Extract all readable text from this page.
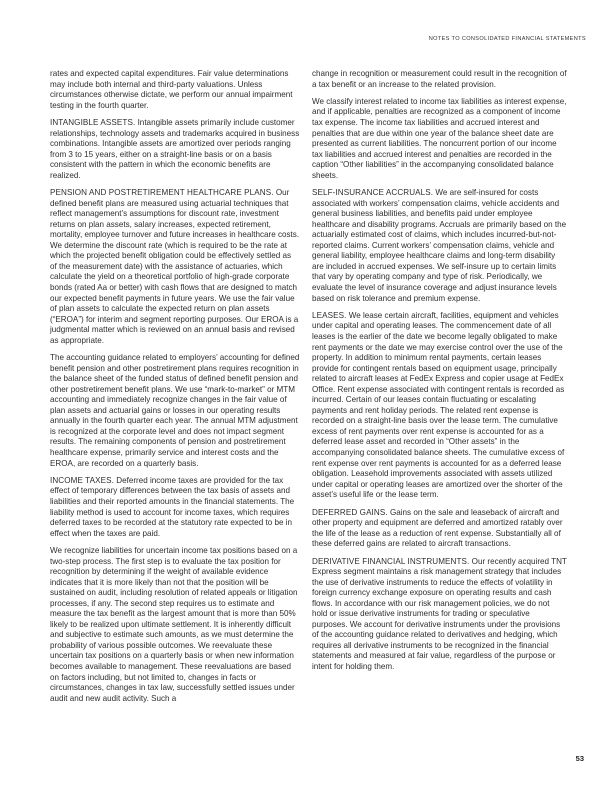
NOTES TO CONSOLIDATED FINANCIAL STATEMENTS

rates and expected capital expenditures. Fair value determinations may include both internal and third-party valuations. Unless circumstances otherwise dictate, we perform our annual impairment testing in the fourth quarter.

INTANGIBLE ASSETS. Intangible assets primarily include customer relationships, technology assets and trademarks acquired in business combinations. Intangible assets are amortized over periods ranging from 3 to 15 years, either on a straight-line basis or on a basis consistent with the pattern in which the economic benefits are realized.

PENSION AND POSTRETIREMENT HEALTHCARE PLANS. Our defined benefit plans are measured using actuarial techniques that reflect management’s assumptions for discount rate, investment returns on plan assets, salary increases, expected retirement, mortality, employee turnover and future increases in healthcare costs. We determine the discount rate (which is required to be the rate at which the projected benefit obligation could be effectively settled as of the measurement date) with the assistance of actuaries, which calculate the yield on a theoretical portfolio of high-grade corporate bonds (rated Aa or better) with cash flows that are designed to match our expected benefit payments in future years. We use the fair value of plan assets to calculate the expected return on plan assets (“EROA”) for interim and segment reporting purposes. Our EROA is a judgmental matter which is reviewed on an annual basis and revised as appropriate.

The accounting guidance related to employers’ accounting for defined benefit pension and other postretirement plans requires recognition in the balance sheet of the funded status of defined benefit pension and other postretirement benefit plans. We use “mark-to-market” or MTM accounting and immediately recognize changes in the fair value of plan assets and actuarial gains or losses in our operating results annually in the fourth quarter each year. The annual MTM adjustment is recognized at the corporate level and does not impact segment results. The remaining components of pension and postretirement healthcare expense, primarily service and interest costs and the EROA, are recorded on a quarterly basis.

INCOME TAXES. Deferred income taxes are provided for the tax effect of temporary differences between the tax basis of assets and liabilities and their reported amounts in the financial statements. The liability method is used to account for income taxes, which requires deferred taxes to be recorded at the statutory rate expected to be in effect when the taxes are paid.

We recognize liabilities for uncertain income tax positions based on a two-step process. The first step is to evaluate the tax position for recognition by determining if the weight of available evidence indicates that it is more likely than not that the position will be sustained on audit, including resolution of related appeals or litigation processes, if any. The second step requires us to estimate and measure the tax benefit as the largest amount that is more than 50% likely to be realized upon ultimate settlement. It is inherently difficult and subjective to estimate such amounts, as we must determine the probability of various possible outcomes. We reevaluate these uncertain tax positions on a quarterly basis or when new information becomes available to management. These reevaluations are based on factors including, but not limited to, changes in facts or circumstances, changes in tax law, successfully settled issues under audit and new audit activity. Such a

change in recognition or measurement could result in the recognition of a tax benefit or an increase to the related provision.

We classify interest related to income tax liabilities as interest expense, and if applicable, penalties are recognized as a component of income tax expense. The income tax liabilities and accrued interest and penalties that are due within one year of the balance sheet date are presented as current liabilities. The noncurrent portion of our income tax liabilities and accrued interest and penalties are recorded in the caption “Other liabilities” in the accompanying consolidated balance sheets.

SELF-INSURANCE ACCRUALS. We are self-insured for costs associated with workers’ compensation claims, vehicle accidents and general business liabilities, and benefits paid under employee healthcare and disability programs. Accruals are primarily based on the actuarially estimated cost of claims, which includes incurred-but-not-reported claims. Current workers’ compensation claims, vehicle and general liability, employee healthcare claims and long-term disability are included in accrued expenses. We self-insure up to certain limits that vary by operating company and type of risk. Periodically, we evaluate the level of insurance coverage and adjust insurance levels based on risk tolerance and premium expense.

LEASES. We lease certain aircraft, facilities, equipment and vehicles under capital and operating leases. The commencement date of all leases is the earlier of the date we become legally obligated to make rent payments or the date we may exercise control over the use of the property. In addition to minimum rental payments, certain leases provide for contingent rentals based on equipment usage, principally related to aircraft leases at FedEx Express and copier usage at FedEx Office. Rent expense associated with contingent rentals is recorded as incurred. Certain of our leases contain fluctuating or escalating payments and rent holiday periods. The related rent expense is recorded on a straight-line basis over the lease term. The cumulative excess of rent payments over rent expense is accounted for as a deferred lease asset and recorded in “Other assets” in the accompanying consolidated balance sheets. The cumulative excess of rent expense over rent payments is accounted for as a deferred lease obligation. Leasehold improvements associated with assets utilized under capital or operating leases are amortized over the shorter of the asset’s useful life or the lease term.

DEFERRED GAINS. Gains on the sale and leaseback of aircraft and other property and equipment are deferred and amortized ratably over the life of the lease as a reduction of rent expense. Substantially all of these deferred gains are related to aircraft transactions.

DERIVATIVE FINANCIAL INSTRUMENTS. Our recently acquired TNT Express segment maintains a risk management strategy that includes the use of derivative instruments to reduce the effects of volatility in foreign currency exchange exposure on operating results and cash flows. In accordance with our risk management policies, we do not hold or issue derivative instruments for trading or speculative purposes. We account for derivative instruments under the provisions of the accounting guidance related to derivatives and hedging, which requires all derivative instruments to be recognized in the financial statements and measured at fair value, regardless of the purpose or intent for holding them.

53
